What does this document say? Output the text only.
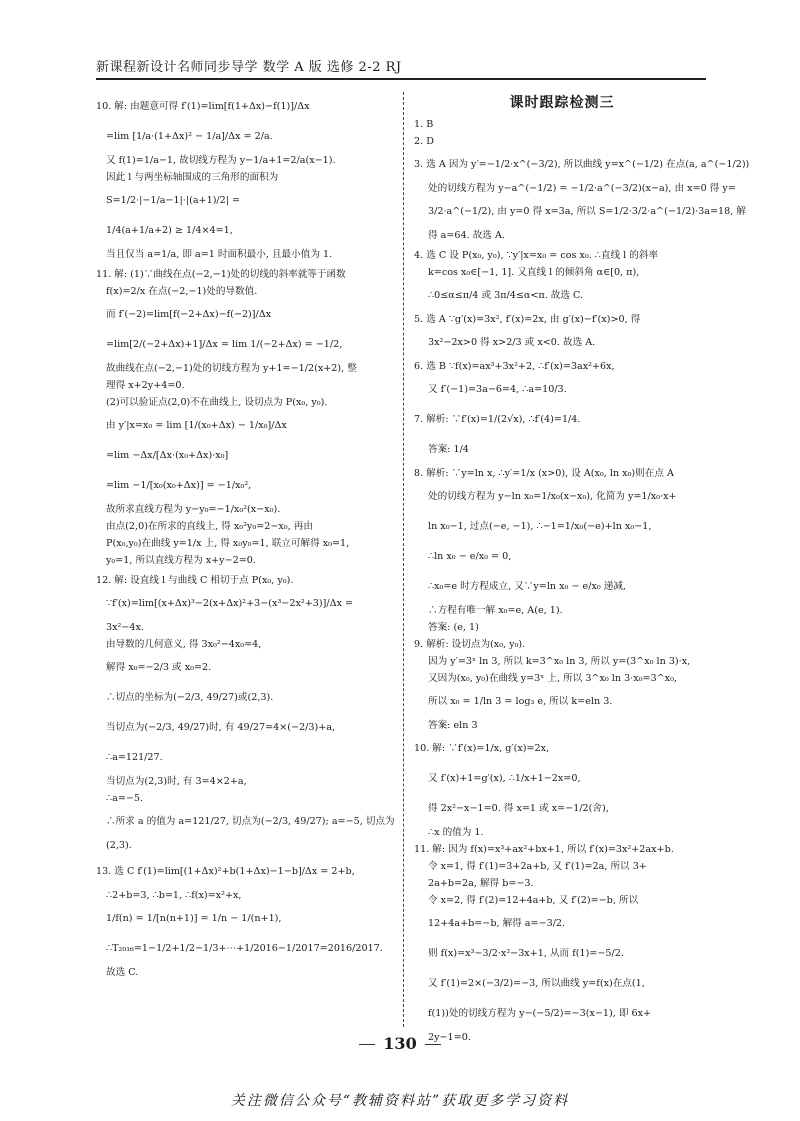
新课程新设计名师同步导学 数学 A 版 选修 2-2 RJ
10. 解: 由题意可得 f′(1)=lim[f(1+Δx)−f(1)]/Δx
=lim [1/a·(1+Δx)² − 1/a]/Δx = 2/a.
又 f(1)=1/a−1, 故切线方程为 y−1/a+1=2/a(x−1).
因此 l 与两坐标轴围成的三角形的面积为
S=1/2·|−1/a−1|·|(a+1)/2| =
1/4(a+1/a+2) ≥ 1/4×4=1,
当且仅当 a=1/a, 即 a=1 时面积最小, 且最小值为 1.
11. 解: (1)∵曲线在点(−2,−1)处的切线的斜率就等于函数
f(x)=2/x 在点(−2,−1)处的导数值.
而 f′(−2)=lim[f(−2+Δx)−f(−2)]/Δx
=lim[2/(−2+Δx)+1]/Δx = lim 1/(−2+Δx) = −1/2,
故曲线在点(−2,−1)处的切线方程为 y+1=−1/2(x+2), 整
理得 x+2y+4=0.
(2)可以验证点(2,0)不在曲线上, 设切点为 P(x₀, y₀).
由 y′|x=x₀ = lim [1/(x₀+Δx) − 1/x₀]/Δx
=lim −Δx/[Δx·(x₀+Δx)·x₀]
=lim −1/[x₀(x₀+Δx)] = −1/x₀²,
故所求直线方程为 y−y₀=−1/x₀²(x−x₀).
由点(2,0)在所求的直线上, 得 x₀²y₀=2−x₀, 再由
P(x₀,y₀)在曲线 y=1/x 上, 得 x₀y₀=1, 联立可解得 x₀=1,
y₀=1, 所以直线方程为 x+y−2=0.
12. 解: 设直线 l 与曲线 C 相切于点 P(x₀, y₀).
∵f′(x)=lim[(x+Δx)³−2(x+Δx)²+3−(x³−2x²+3)]/Δx =
3x²−4x.
由导数的几何意义, 得 3x₀²−4x₀=4,
解得 x₀=−2/3 或 x₀=2.
∴切点的坐标为(−2/3, 49/27)或(2,3).
当切点为(−2/3, 49/27)时, 有 49/27=4×(−2/3)+a,
∴a=121/27.
当切点为(2,3)时, 有 3=4×2+a,
∴a=−5.
∴所求 a 的值为 a=121/27, 切点为(−2/3, 49/27); a=−5, 切点为
(2,3).
13. 选 C f′(1)=lim[(1+Δx)²+b(1+Δx)−1−b]/Δx = 2+b,
∴2+b=3, ∴b=1, ∴f(x)=x²+x,
1/f(n) = 1/[n(n+1)] = 1/n − 1/(n+1),
∴T₂₀₁₆=1−1/2+1/2−1/3+⋯+1/2016−1/2017=2016/2017.
故选 C.
课时跟踪检测三
1. B
2. D
3. 选 A 因为 y′=−1/2·x^(−3/2), 所以曲线 y=x^(−1/2) 在点(a, a^(−1/2))
处的切线方程为 y−a^(−1/2) = −1/2·a^(−3/2)(x−a), 由 x=0 得 y=
3/2·a^(−1/2), 由 y=0 得 x=3a, 所以 S=1/2·3/2·a^(−1/2)·3a=18, 解
得 a=64. 故选 A.
4. 选 C 设 P(x₀, y₀), ∵y′|x=x₀ = cos x₀. ∴直线 l 的斜率
k=cos x₀∈[−1, 1]. 又直线 l 的倾斜角 α∈[0, π),
∴0≤α≤π/4 或 3π/4≤α<π. 故选 C.
5. 选 A ∵g′(x)=3x², f′(x)=2x, 由 g′(x)−f′(x)>0, 得
3x²−2x>0 得 x>2/3 或 x<0. 故选 A.
6. 选 B ∵f(x)=ax³+3x²+2, ∴f′(x)=3ax²+6x,
又 f′(−1)=3a−6=4, ∴a=10/3.
7. 解析: ∵f′(x)=1/(2√x), ∴f′(4)=1/4.
答案: 1/4
8. 解析: ∵y=ln x, ∴y′=1/x (x>0), 设 A(x₀, ln x₀)则在点 A
处的切线方程为 y−ln x₀=1/x₀(x−x₀), 化简为 y=1/x₀·x+
ln x₀−1, 过点(−e, −1), ∴−1=1/x₀(−e)+ln x₀−1,
∴ln x₀ − e/x₀ = 0,
∴x₀=e 时方程成立, 又∵y=ln x₀ − e/x₀ 递减,
∴方程有唯一解 x₀=e, A(e, 1).
答案: (e, 1)
9. 解析: 设切点为(x₀, y₀).
因为 y′=3ˣ ln 3, 所以 k=3^x₀ ln 3, 所以 y=(3^x₀ ln 3)·x,
又因为(x₀, y₀)在曲线 y=3ˣ 上, 所以 3^x₀ ln 3·x₀=3^x₀,
所以 x₀ = 1/ln 3 = log₃ e, 所以 k=eln 3.
答案: eln 3
10. 解: ∵f′(x)=1/x, g′(x)=2x,
又 f′(x)+1=g′(x), ∴1/x+1−2x=0,
得 2x²−x−1=0. 得 x=1 或 x=−1/2(舍),
∴x 的值为 1.
11. 解: 因为 f(x)=x³+ax²+bx+1, 所以 f′(x)=3x²+2ax+b.
令 x=1, 得 f′(1)=3+2a+b, 又 f′(1)=2a, 所以 3+
2a+b=2a, 解得 b=−3.
令 x=2, 得 f′(2)=12+4a+b, 又 f′(2)=−b, 所以
12+4a+b=−b, 解得 a=−3/2.
则 f(x)=x³−3/2·x²−3x+1, 从而 f(1)=−5/2.
又 f′(1)=2×(−3/2)=−3, 所以曲线 y=f(x)在点(1,
f(1))处的切线方程为 y−(−5/2)=−3(x−1), 即 6x+
2y−1=0.
130
关注微信公众号“教辅资料站”获取更多学习资料
